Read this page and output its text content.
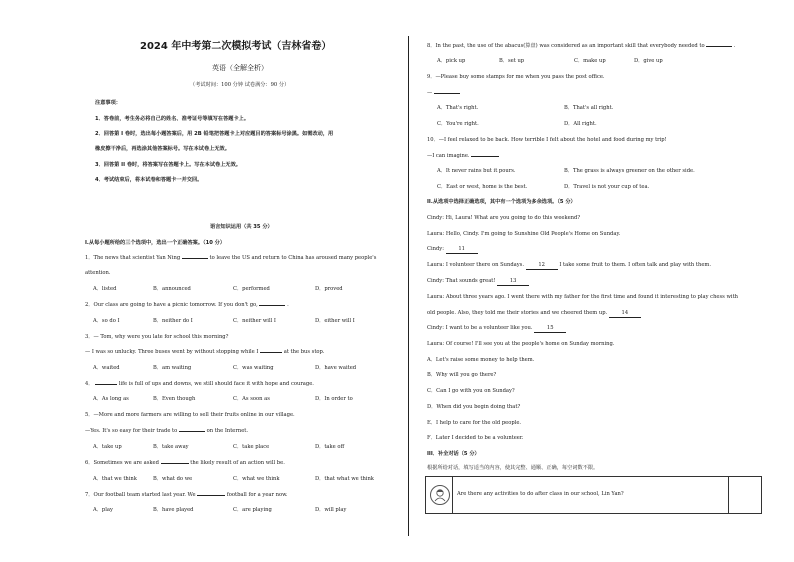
2024 年中考第二次模拟考试（吉林省卷）
英语（全解全析）
（考试时间：100 分钟 试卷满分：90 分）
注意事项：
1．答卷前，考生务必将自己的姓名、准考证号等填写在答题卡上。
2．回答第 I 卷时，选出每小题答案后，用 2B 铅笔把答题卡上对应题目的答案标号涂黑。如需改动，用
橡皮擦干净后，再选涂其他答案标号。写在本试卷上无效。
3．回答第 II 卷时，将答案写在答题卡上。写在本试卷上无效。
4．考试结束后，将本试卷和答题卡一并交回。
语言知识运用（共 35 分）
I.从每小题所给的三个选项中，选出一个正确答案。（10 分）
1．The news that scientist Yan Ning	to leave the US and return to China has aroused many people's
attention.
A．listed	B．announced	C．performed	D．proved
2．Our class are going to have a picnic tomorrow. If you don't go,	.
A．so do I	B．neither do I	C．neither will I	D．either will I
3．— Tom, why were you late for school this morning?
— I was so unlucky. Three buses went by without stopping while I	at the bus stop.
A．waited	B．am waiting	C．was waiting	D．have waited
4．	life is full of ups and downs, we still should face it with hope and courage.
A．As long as	B．Even though	C．As soon as	D．In order to
5．—More and more farmers are willing to sell their fruits online in our village.
—Yes. It's so easy for their trade to	on the Internet.
A．take up	B．take away	C．take place	D．take off
6．Sometimes we are asked	the likely result of an action will be.
A．that we think	B．what do we	C．what we think	D．that what we think
7．Our football team started last year. We	football for a year now.
A．play	B．have played	C．are playing	D．will play
8．In the past, the use of the abacus(算盘) was considered as an important skill that everybody needed to	.
A．pick up	B．set up	C．make up	D．give up
9．—Please buy some stamps for me when you pass the post office.
—
A．That's right.	B．That's all right.
C．You're right.	D．All right.
10．—I feel relaxed to be back. How terrible I felt about the hotel and food during my trip!
—I can imagine.
A．It never rains but it pours.	B．The grass is always greener on the other side.
C．East or west, home is the best.	D．Travel is not your cup of tea.
II.从选项中选择正确选项，其中有一个选项为多余选项。（5 分）
Cindy: Hi, Laura! What are you going to do this weekend?
Laura: Hello, Cindy. I'm going to Sunshine Old People's Home on Sunday.
Cindy:	11
Laura: I volunteer there on Sundays.	12	I take some fruit to them. I often talk and play with them.
Cindy: That sounds great!	13
Laura: About three years ago. I went there with my father for the first time and found it interesting to play chess with
old people. Also, they told me their stories and we cheered them up.	14
Cindy: I want to be a volunteer like you.	15
Laura: Of course! I'll see you at the people's home on Sunday morning.
A．Let's raise some money to help them.
B．Why will you go there?
C．Can I go with you on Sunday?
D．When did you begin doing that?
E．I help to care for the old people.
F．Later I decided to be a volunteer.
III．补全对话（5 分）
根据所给对话，填写适当的内容，使其完整、通顺、正确，每空词数不限。
Are there any activities to do after class in our school, Lin Yan?
